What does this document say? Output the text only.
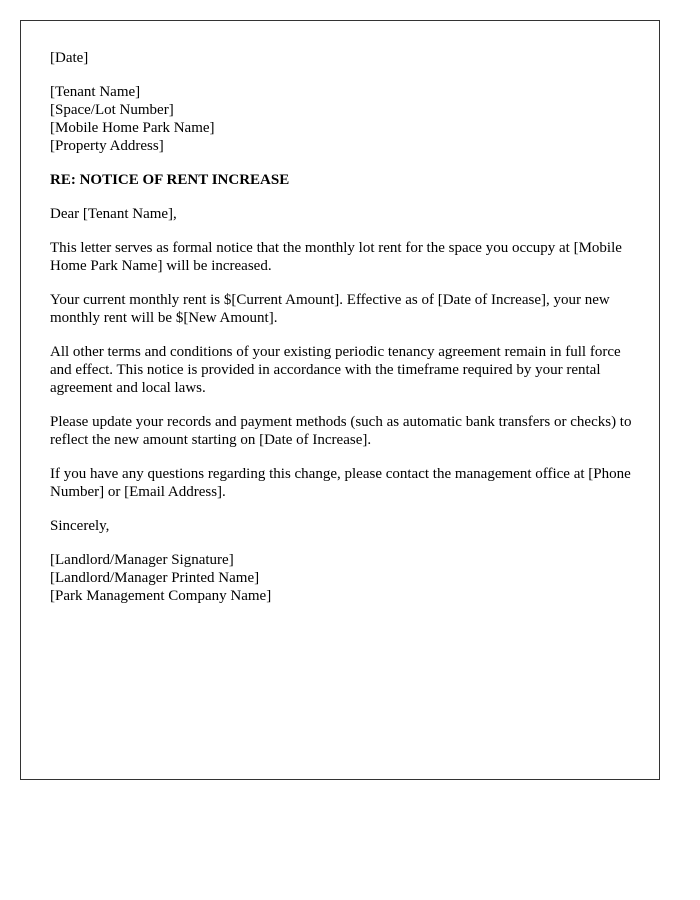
[Date]
[Tenant Name]
[Space/Lot Number]
[Mobile Home Park Name]
[Property Address]
RE: NOTICE OF RENT INCREASE
Dear [Tenant Name],
This letter serves as formal notice that the monthly lot rent for the space you occupy at [Mobile Home Park Name] will be increased.
Your current monthly rent is $[Current Amount]. Effective as of [Date of Increase], your new monthly rent will be $[New Amount].
All other terms and conditions of your existing periodic tenancy agreement remain in full force and effect. This notice is provided in accordance with the timeframe required by your rental agreement and local laws.
Please update your records and payment methods (such as automatic bank transfers or checks) to reflect the new amount starting on [Date of Increase].
If you have any questions regarding this change, please contact the management office at [Phone Number] or [Email Address].
Sincerely,
[Landlord/Manager Signature]
[Landlord/Manager Printed Name]
[Park Management Company Name]
